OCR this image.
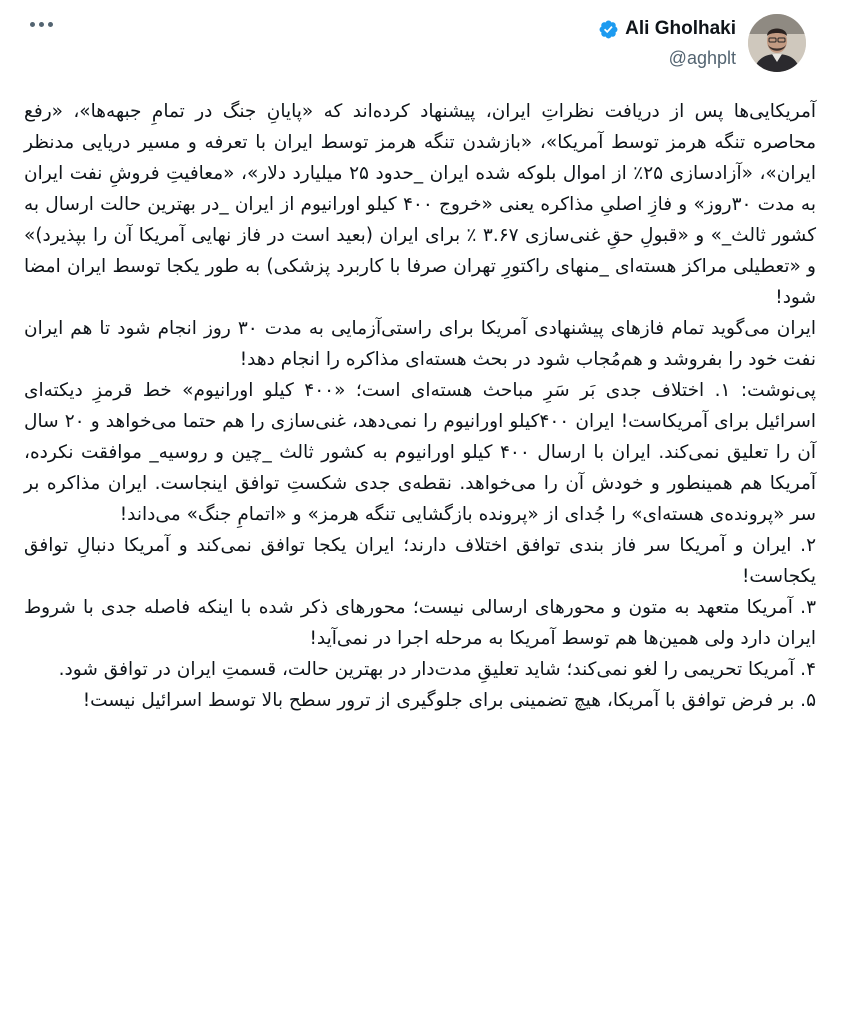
Ali Gholhaki
@aghplt

آمریکایی‌ها پس از دریافت نظراتِ ایران، پیشنهاد کرده‌اند که «پایانِ جنگ در تمامِ جبهه‌ها»، «رفع محاصره تنگه هرمز توسط آمریکا»، «بازشدن تنگه هرمز توسط ایران با تعرفه و مسیر دریایی مدنظر ایران»، «آزادسازی ۲۵٪ از اموال بلوکه شده ایران _حدود ۲۵ میلیارد دلار»، «معافیتِ فروشِ نفت ایران به مدت ۳۰روز» و فازِ اصلیِ مذاکره یعنی «خروج ۴۰۰ کیلو اورانیوم از ایران _در بهترین حالت ارسال به کشور ثالث_» و «قبولِ حقِ غنی‌سازی ۳.۶۷ ٪ برای ایران (بعید است در فاز نهایی آمریکا آن را بپذیرد)» و «تعطیلی مراکز هسته‌ای _منهای راکتورِ تهران صرفا با کاربرد پزشکی) به طور یکجا توسط ایران امضا شود!

ایران می‌گوید تمام فازهای پیشنهادی آمریکا برای راستی‌آزمایی به مدت ۳۰ روز انجام شود تا هم ایران نفت خود را بفروشد و هم‌مُجاب شود در بحث هسته‌ای مذاکره را انجام دهد!

پی‌نوشت: ۱. اختلاف جدی بَر سَرِ مباحث هسته‌ای است؛ «۴۰۰ کیلو اورانیوم» خط قرمزِ دیکته‌ای اسرائیل برای آمریکاست! ایران ۴۰۰کیلو اورانیوم را نمی‌دهد، غنی‌سازی را هم حتما می‌خواهد و ۲۰ سال آن را تعلیق نمی‌کند. ایران با ارسال ۴۰۰ کیلو اورانیوم به کشور ثالث _چین و روسیه_ موافقت نکرده، آمریکا هم همینطور و خودش آن را می‌خواهد. نقطه‌ی جدی شکستِ توافق اینجاست. ایران مذاکره بر سر «پرونده‌ی هسته‌ای» را جُدای از «پرونده بازگشایی تنگه هرمز» و «اتمامِ جنگ» می‌داند!

۲. ایران و آمریکا سر فاز بندی توافق اختلاف دارند؛ ایران یکجا توافق نمی‌کند و آمریکا دنبالِ توافق یکجاست!

۳. آمریکا متعهد به متون و محورهای ارسالی نیست؛ محورهای ذکر شده با اینکه فاصله جدی با شروط ایران دارد ولی همین‌ها هم توسط آمریکا به مرحله اجرا در نمی‌آید!

۴. آمریکا تحریمی را لغو نمی‌کند؛ شاید تعلیقِ مدت‌دار در بهترین حالت، قسمتِ ایران در توافق شود.

۵. بر فرض توافق با آمریکا، هیچ تضمینی برای جلوگیری از ترور سطح بالا توسط اسرائیل نیست!
